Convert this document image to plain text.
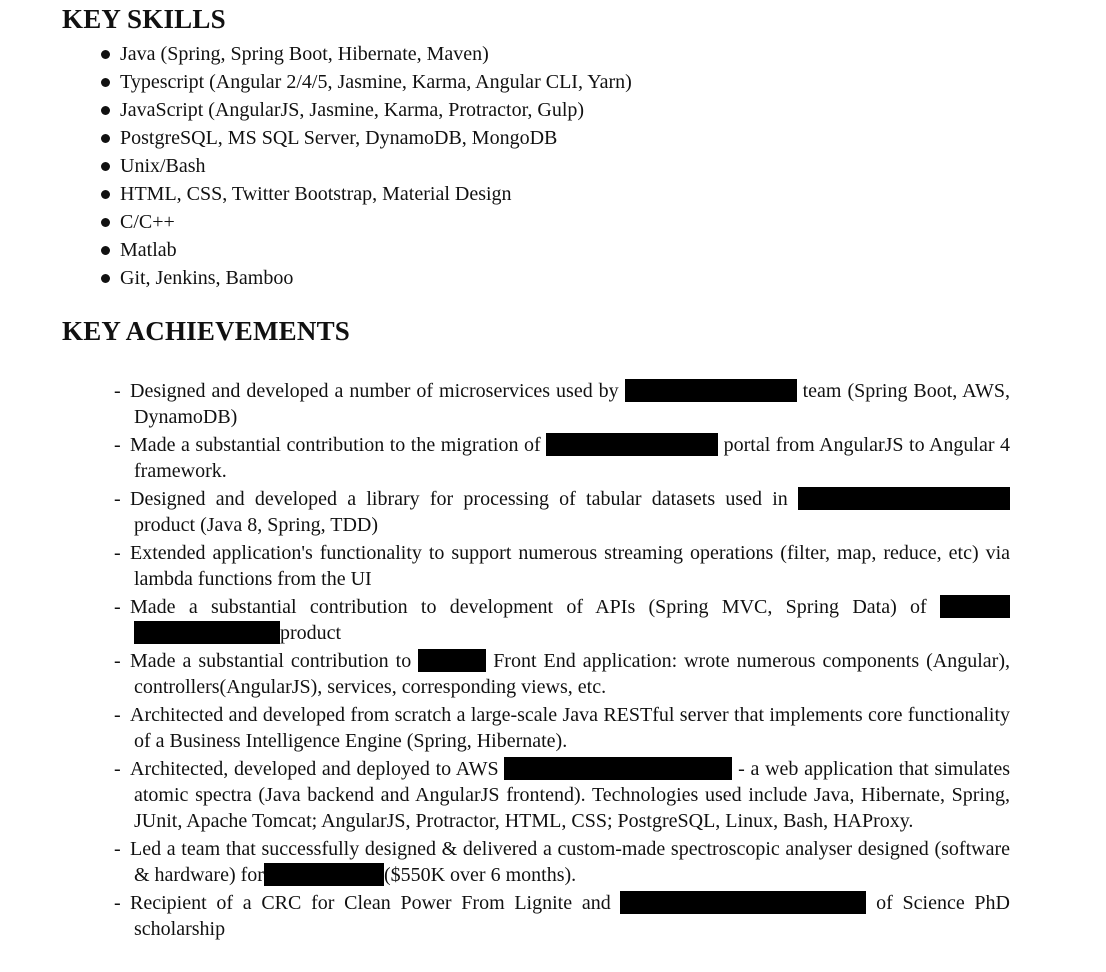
KEY SKILLS
Java (Spring, Spring Boot, Hibernate, Maven)
Typescript (Angular 2/4/5, Jasmine, Karma, Angular CLI, Yarn)
JavaScript (AngularJS, Jasmine, Karma, Protractor, Gulp)
PostgreSQL, MS SQL Server, DynamoDB, MongoDB
Unix/Bash
HTML, CSS, Twitter Bootstrap, Material Design
C/C++
Matlab
Git, Jenkins, Bamboo
KEY ACHIEVEMENTS
- Designed and developed a number of microservices used by	team (Spring Boot, AWS, DynamoDB)
- Made a substantial contribution to the migration of	portal from AngularJS to Angular 4 framework.
- Designed and developed a library for processing of tabular datasets used in  product (Java 8, Spring, TDD)
- Extended application's functionality to support numerous streaming operations (filter, map, reduce, etc) via lambda functions from the UI
- Made a substantial contribution to development of APIs (Spring MVC, Spring Data) of  product
- Made a substantial contribution to	Front End application: wrote numerous components (Angular), controllers(AngularJS), services, corresponding views, etc.
- Architected and developed from scratch a large-scale Java RESTful server that implements core functionality of a Business Intelligence Engine (Spring, Hibernate).
- Architected, developed and deployed to AWS	- a web application that simulates atomic spectra (Java backend and AngularJS frontend). Technologies used include Java, Hibernate, Spring, JUnit, Apache Tomcat; AngularJS, Protractor, HTML, CSS; PostgreSQL, Linux, Bash, HAProxy.
- Led a team that successfully designed & delivered a custom-made spectroscopic analyser designed (software & hardware) for	($550K over 6 months).
- Recipient of a CRC for Clean Power From Lignite and	of Science PhD scholarship
